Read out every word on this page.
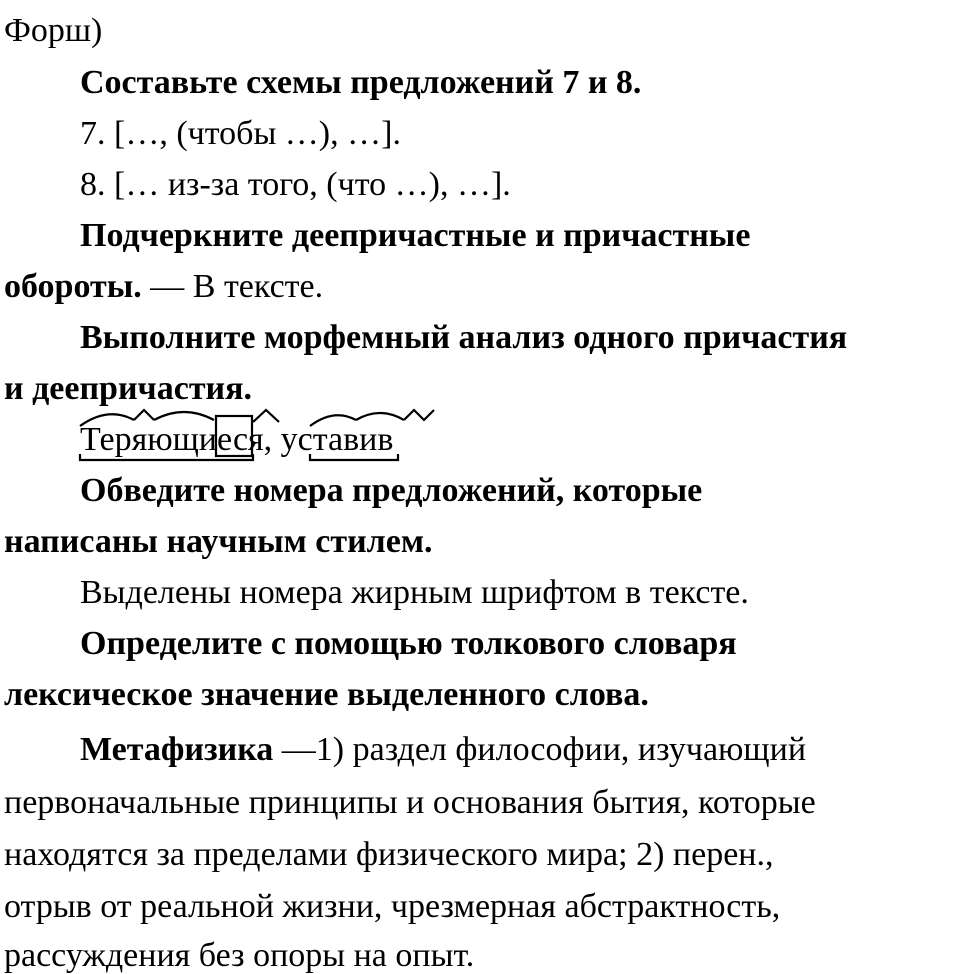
Форш)
Составьте схемы предложений 7 и 8.
7. […, (чтобы …), …].
8. [… из-за того, (что …), …].
Подчеркните деепричастные и причастные
обороты. — В тексте.
Выполните морфемный анализ одного причастия
и деепричастия.
Теряющиеся, уставив
Обведите номера предложений, которые
написаны научным стилем.
Выделены номера жирным шрифтом в тексте.
Определите с помощью толкового словаря
лексическое значение выделенного слова.
Метафизика —1) раздел философии, изучающий
первоначальные принципы и основания бытия, которые
находятся за пределами физического мира; 2) перен.,
отрыв от реальной жизни, чрезмерная абстрактность,
рассуждения без опоры на опыт.
